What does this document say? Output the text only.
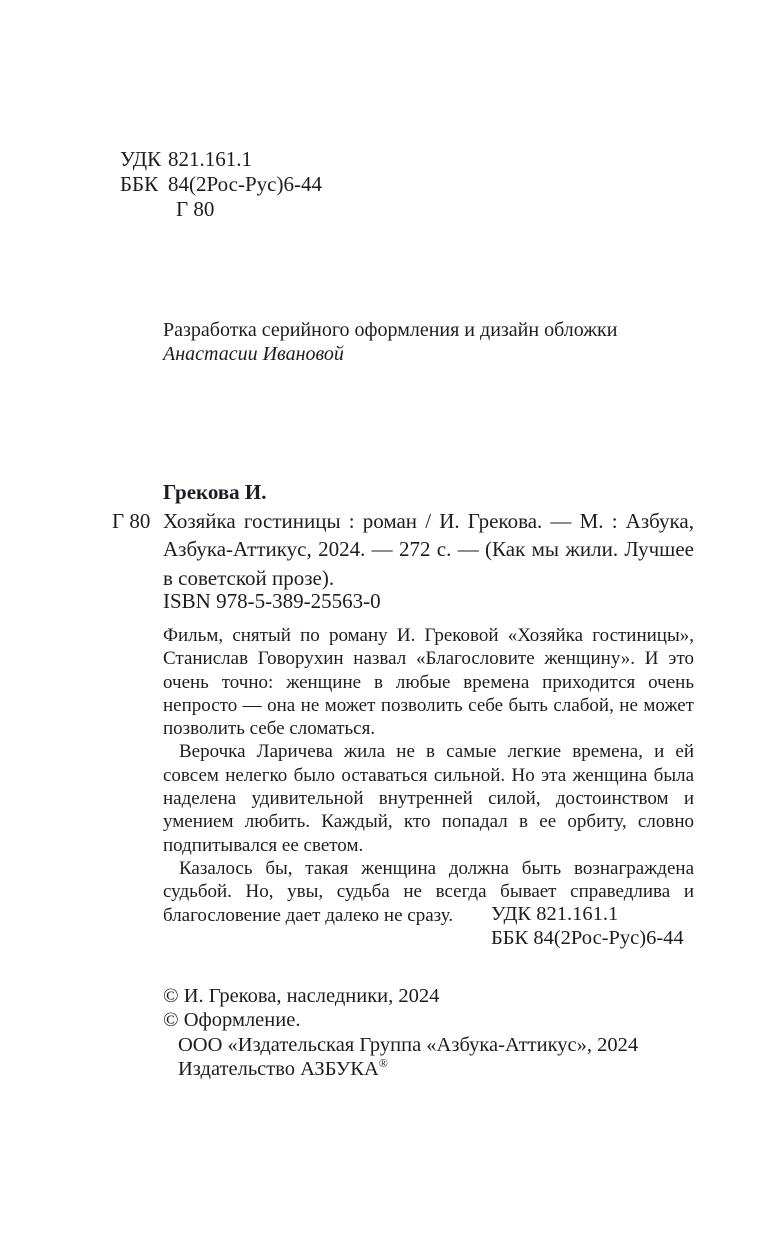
УДК 821.161.1
ББК 84(2Рос-Рус)6-44
Г 80
Разработка серийного оформления и дизайн обложки
Анастасии Ивановой
Грекова И.

Г 80 Хозяйка гостиницы : роман / И. Грекова. — М. : Азбука, Азбука-Аттикус, 2024. — 272 с. — (Как мы жили. Лучшее в советской прозе).

ISBN 978-5-389-25563-0

Фильм, снятый по роману И. Грековой «Хозяйка гостиницы», Станислав Говорухин назвал «Благословите женщину». И это очень точно: женщине в любые времена приходится очень непросто — она не может позволить себе быть слабой, не может позволить себе сломаться.

Верочка Ларичева жила не в самые легкие времена, и ей совсем нелегко было оставаться сильной. Но эта женщина была наделена удивительной внутренней силой, достоинством и умением любить. Каждый, кто попадал в ее орбиту, словно подпитывался ее светом.

Казалось бы, такая женщина должна быть вознаграждена судьбой. Но, увы, судьба не всегда бывает справедлива и благословение дает далеко не сразу.	УДК 821.161.1
ББК 84(2Рос-Рус)6-44
© И. Грекова, наследники, 2024
© Оформление.
ООО «Издательская Группа «Азбука-Аттикус», 2024
Издательство АЗБУКА®
